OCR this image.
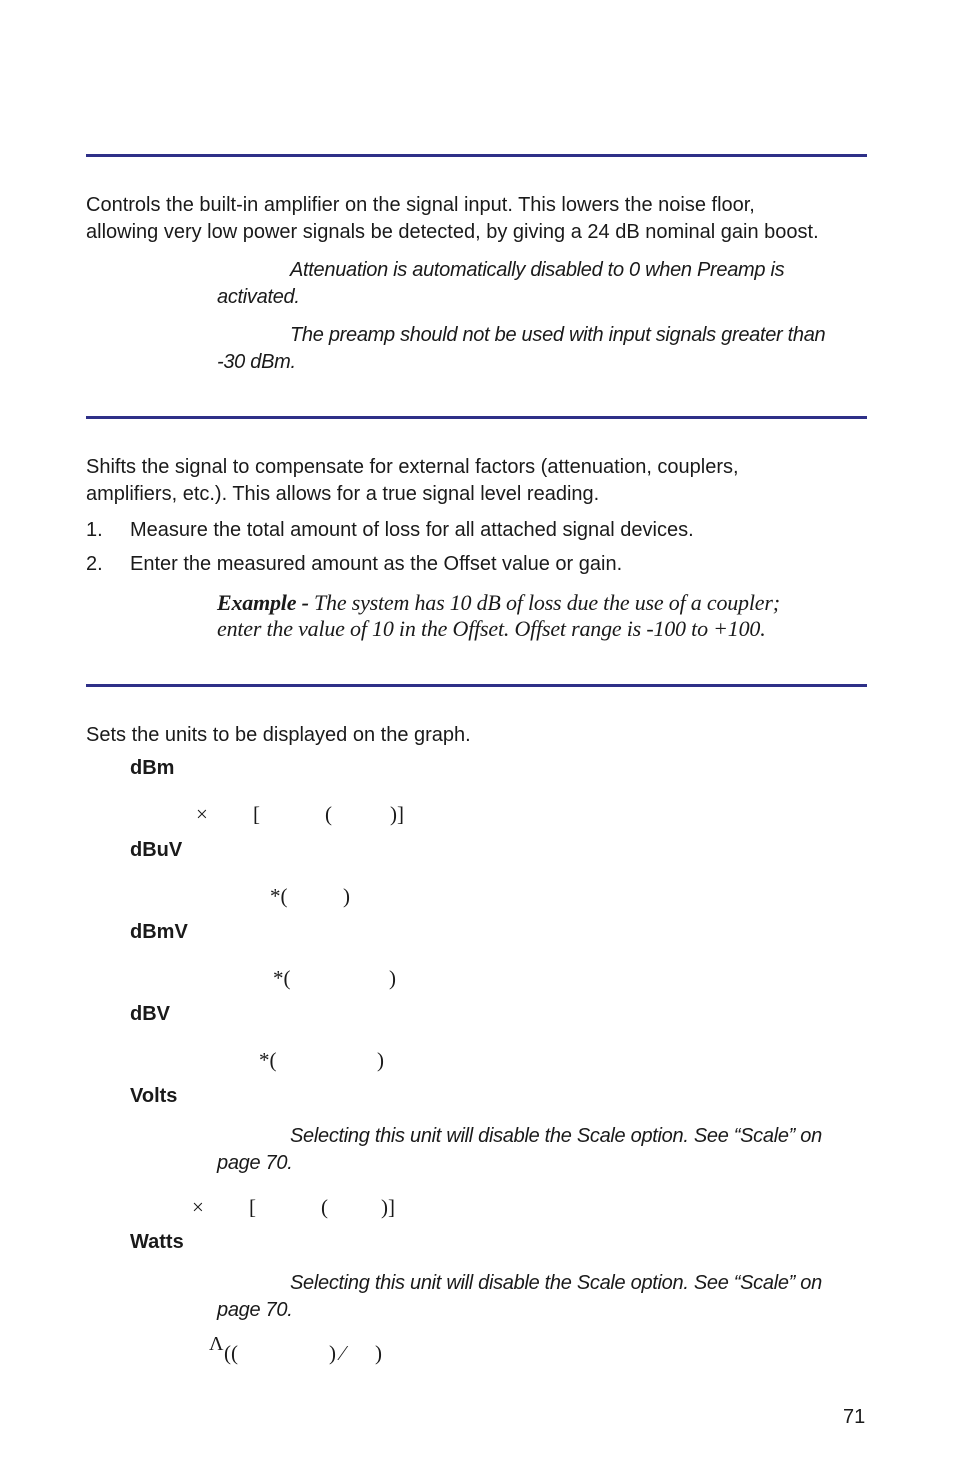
Controls the built-in amplifier on the signal input. This lowers the noise floor,
allowing very low power signals be detected, by giving a 24 dB nominal gain boost.
Attenuation is automatically disabled to 0 when Preamp is
activated.
The preamp should not be used with input signals greater than
-30 dBm.
Shifts the signal to compensate for external factors (attenuation, couplers,
amplifiers, etc.). This allows for a true signal level reading.
1. Measure the total amount of loss for all attached signal devices.
2. Enter the measured amount as the Offset value or gain.
Example - The system has 10 dB of loss due the use of a coupler;
enter the value of 10 in the Offset. Offset range is -100 to +100.
Sets the units to be displayed on the graph.
dBm
× [	(	)]
dBuV
*(	)
dBmV
*(	)
dBV
*(	)
Volts
Selecting this unit will disable the Scale option. See “Scale” on
page 70.
× [	(	)]
Watts
Selecting this unit will disable the Scale option. See “Scale” on
page 70.
Λ ((	) ⁄ )
71
